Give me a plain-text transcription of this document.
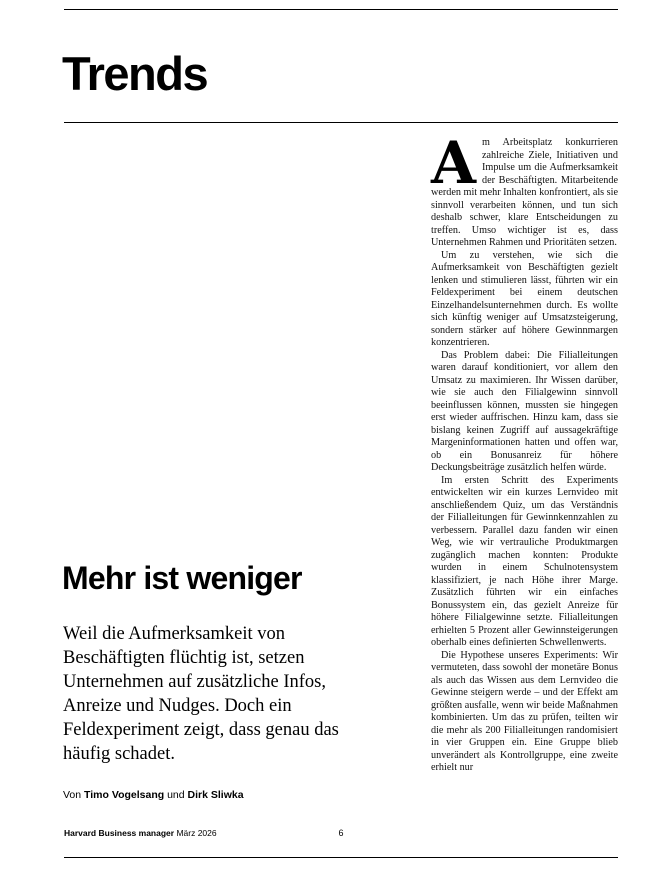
Trends
Mehr ist weniger

Weil die Aufmerksamkeit von Beschäftigten flüchtig ist, setzen Unternehmen auf zusätzliche Infos, Anreize und Nudges. Doch ein Feldexperiment zeigt, dass genau das häufig schadet.

Von Timo Vogelsang und Dirk Sliwka

Am Arbeitsplatz konkurrieren zahlreiche Ziele, Initiativen und Impulse um die Aufmerksamkeit der Beschäftigten. Mitarbeitende werden mit mehr Inhalten konfrontiert, als sie sinnvoll verarbeiten können, und tun sich deshalb schwer, klare Entscheidungen zu treffen. Umso wichtiger ist es, dass Unternehmen Rahmen und Prioritäten setzen.

Um zu verstehen, wie sich die Aufmerksamkeit von Beschäftigten gezielt lenken und stimulieren lässt, führten wir ein Feldexperiment bei einem deutschen Einzelhandelsunternehmen durch. Es wollte sich künftig weniger auf Umsatzsteigerung, sondern stärker auf höhere Gewinnmargen konzentrieren.

Das Problem dabei: Die Filialleitungen waren darauf konditioniert, vor allem den Umsatz zu maximieren. Ihr Wissen darüber, wie sie auch den Filialgewinn sinnvoll beeinflussen können, mussten sie hingegen erst wieder auffrischen. Hinzu kam, dass sie bislang keinen Zugriff auf aussagekräftige Margeninformationen hatten und offen war, ob ein Bonusanreiz für höhere Deckungsbeiträge zusätzlich helfen würde.

Im ersten Schritt des Experiments entwickelten wir ein kurzes Lernvideo mit anschließendem Quiz, um das Verständnis der Filialleitungen für Gewinnkennzahlen zu verbessern. Parallel dazu fanden wir einen Weg, wie wir vertrauliche Produktmargen zugänglich machen konnten: Produkte wurden in einem Schulnotensystem klassifiziert, je nach Höhe ihrer Marge. Zusätzlich führten wir ein einfaches Bonussystem ein, das gezielt Anreize für höhere Filialgewinne setzte. Filialleitungen erhielten 5 Prozent aller Gewinnsteigerungen oberhalb eines definierten Schwellenwerts.

Die Hypothese unseres Experiments: Wir vermuteten, dass sowohl der monetäre Bonus als auch das Wissen aus dem Lernvideo die Gewinne steigern werde – und der Effekt am größten ausfalle, wenn wir beide Maßnahmen kombinierten. Um das zu prüfen, teilten wir die mehr als 200 Filialleitungen randomisiert in vier Gruppen ein. Eine Gruppe blieb unverändert als Kontrollgruppe, eine zweite erhielt nur

Harvard Business manager März 2026	6
